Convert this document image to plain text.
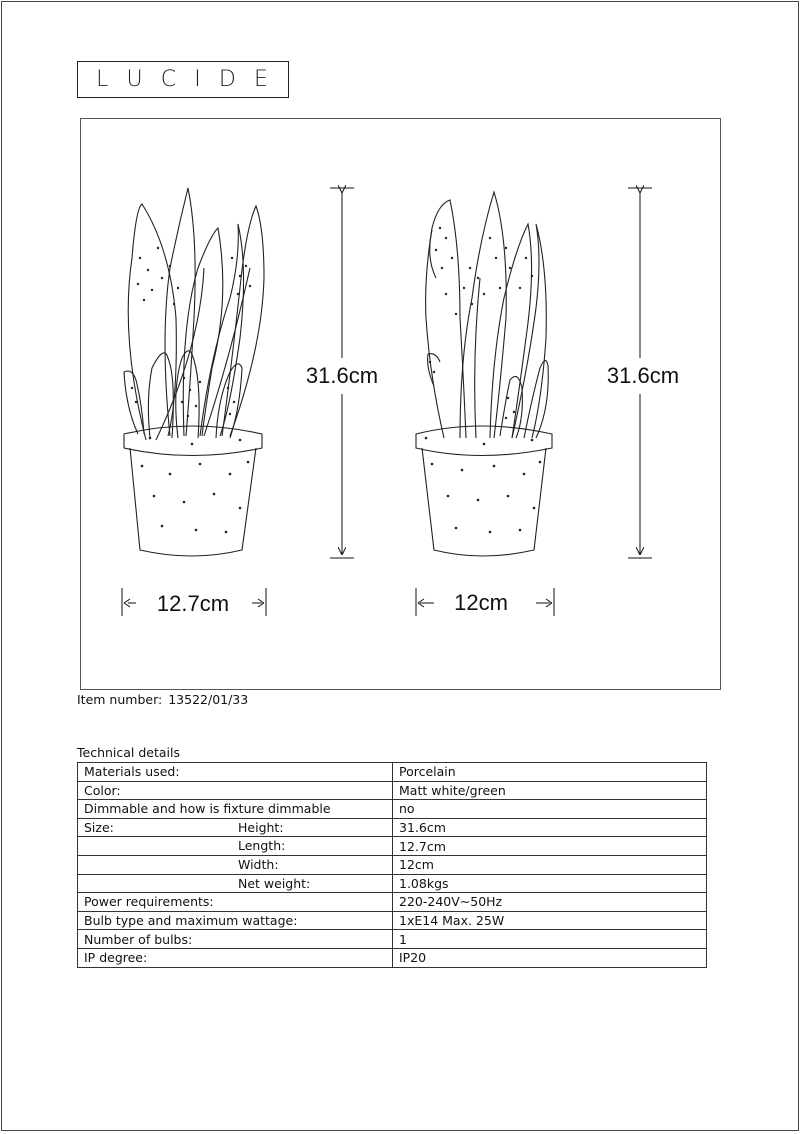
L U C I D E
31.6cm
12.7cm
31.6cm
12cm
Item number: 13522/01/33
Technical details
Materials used:	Porcelain
Color:	Matt white/green
Dimmable and how is fixture dimmable	no
Size: Height:	31.6cm

Length:	12.7cm

Width:	12cm

Net weight:	1.08kgs
Power requirements:	220-240V~50Hz
Bulb type and maximum wattage:	1xE14 Max. 25W
Number of bulbs:	1
IP degree:	IP20
